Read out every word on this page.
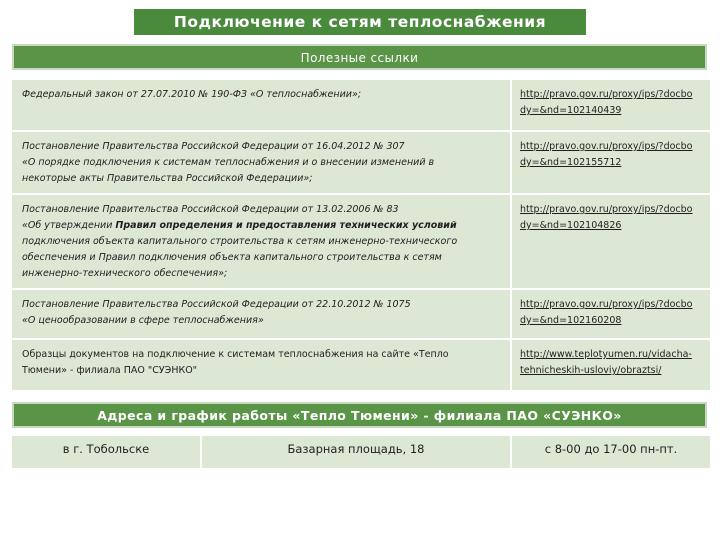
Подключение к сетям теплоснабжения
Полезные ссылки
Федеральный закон от 27.07.2010 № 190-ФЗ «О теплоснабжении»;	http://pravo.gov.ru/proxy/ips/?docbo
dy=&nd=102140439
Постановление Правительства Российской Федерации от 16.04.2012 № 307
«О порядке подключения к системам теплоснабжения и о внесении изменений в
некоторые акты Правительства Российской Федерации»;	http://pravo.gov.ru/proxy/ips/?docbo
dy=&nd=102155712
Постановление Правительства Российской Федерации от 13.02.2006 № 83
«Об утверждении Правил определения и предоставления технических условий
подключения объекта капитального строительства к сетям инженерно-технического
обеспечения и Правил подключения объекта капитального строительства к сетям
инженерно-технического обеспечения»;	http://pravo.gov.ru/proxy/ips/?docbo
dy=&nd=102104826
Постановление Правительства Российской Федерации от 22.10.2012 № 1075
«О ценообразовании в сфере теплоснабжения»	http://pravo.gov.ru/proxy/ips/?docbo
dy=&nd=102160208
Образцы документов на подключение к системам теплоснабжения на сайте «Тепло
Тюмени» - филиала ПАО "СУЭНКО"	http://www.teplotyumen.ru/vidacha-
tehnicheskih-usloviy/obraztsi/
Адреса и график работы «Тепло Тюмени» - филиала ПАО «СУЭНКО»
в г. Тобольске	Базарная площадь, 18	с 8-00 до 17-00 пн-пт.
